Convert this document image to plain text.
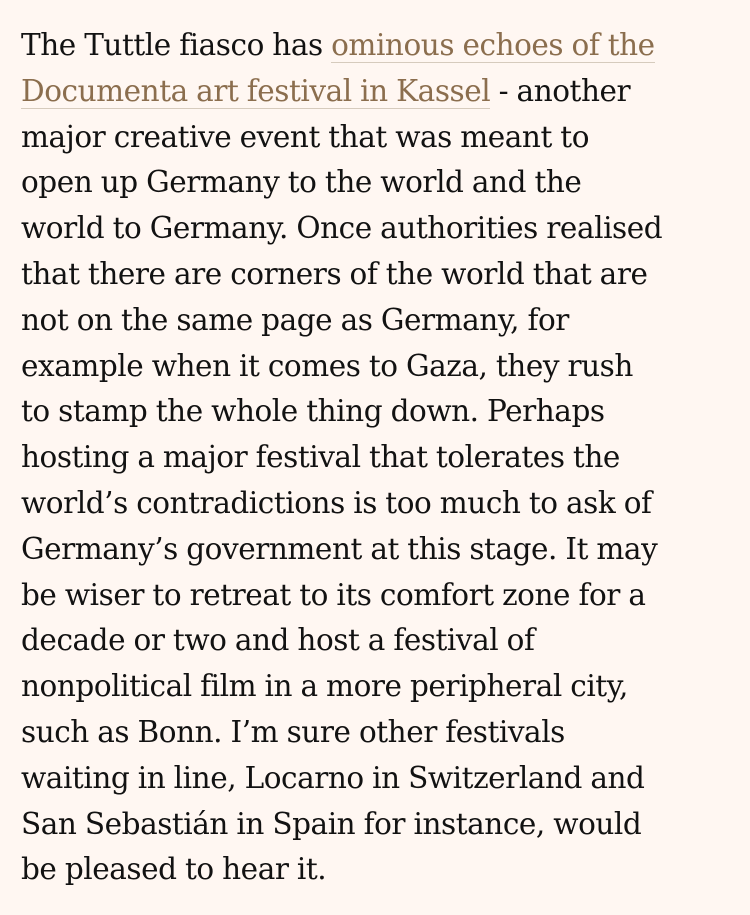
The Tuttle fiasco has ominous echoes of the
Documenta art festival in Kassel - another
major creative event that was meant to
open up Germany to the world and the
world to Germany. Once authorities realised
that there are corners of the world that are
not on the same page as Germany, for
example when it comes to Gaza, they rush
to stamp the whole thing down. Perhaps
hosting a major festival that tolerates the
world’s contradictions is too much to ask of
Germany’s government at this stage. It may
be wiser to retreat to its comfort zone for a
decade or two and host a festival of
nonpolitical film in a more peripheral city,
such as Bonn. I’m sure other festivals
waiting in line, Locarno in Switzerland and
San Sebastián in Spain for instance, would
be pleased to hear it.
